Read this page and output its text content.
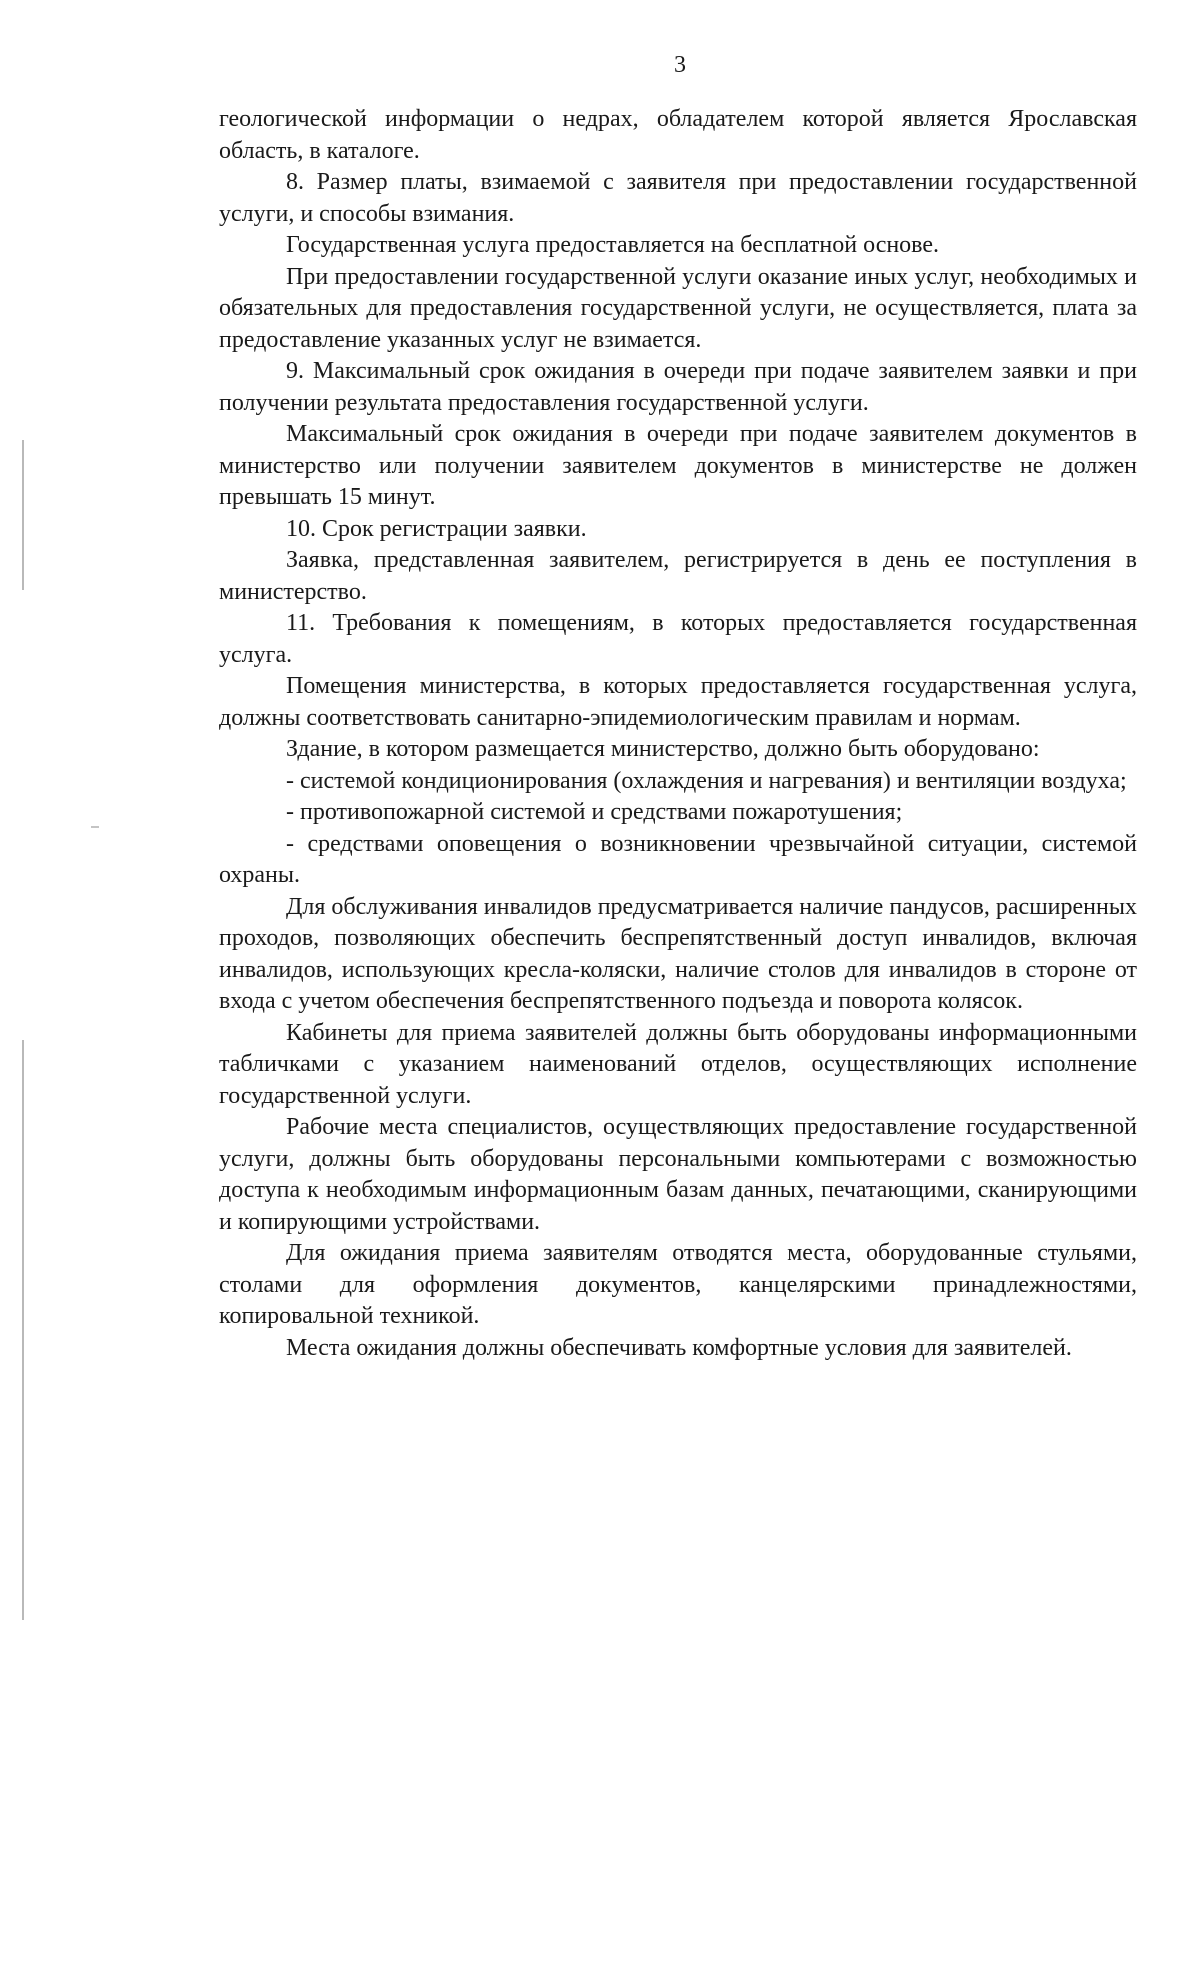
3

геологической информации о недрах, обладателем которой является Ярославская область, в каталоге.

8. Размер платы, взимаемой с заявителя при предоставлении государственной услуги, и способы взимания.

Государственная услуга предоставляется на бесплатной основе.

При предоставлении государственной услуги оказание иных услуг, необходимых и обязательных для предоставления государственной услуги, не осуществляется, плата за предоставление указанных услуг не взимается.

9. Максимальный срок ожидания в очереди при подаче заявителем заявки и при получении результата предоставления государственной услуги.

Максимальный срок ожидания в очереди при подаче заявителем документов в министерство или получении заявителем документов в министерстве не должен превышать 15 минут.

10. Срок регистрации заявки.

Заявка, представленная заявителем, регистрируется в день ее поступления в министерство.

11. Требования к помещениям, в которых предоставляется государственная услуга.

Помещения министерства, в которых предоставляется государственная услуга, должны соответствовать санитарно-эпидемиологическим правилам и нормам.

Здание, в котором размещается министерство, должно быть оборудовано:

- системой кондиционирования (охлаждения и нагревания) и вентиляции воздуха;

- противопожарной системой и средствами пожаротушения;

- средствами оповещения о возникновении чрезвычайной ситуации, системой охраны.

Для обслуживания инвалидов предусматривается наличие пандусов, расширенных проходов, позволяющих обеспечить беспрепятственный доступ инвалидов, включая инвалидов, использующих кресла-коляски, наличие столов для инвалидов в стороне от входа с учетом обеспечения беспрепятственного подъезда и поворота колясок.

Кабинеты для приема заявителей должны быть оборудованы информационными табличками с указанием наименований отделов, осуществляющих исполнение государственной услуги.

Рабочие места специалистов, осуществляющих предоставление государственной услуги, должны быть оборудованы персональными компьютерами с возможностью доступа к необходимым информационным базам данных, печатающими, сканирующими и копирующими устройствами.

Для ожидания приема заявителям отводятся места, оборудованные стульями, столами для оформления документов, канцелярскими принадлежностями, копировальной техникой.

Места ожидания должны обеспечивать комфортные условия для заявителей.
